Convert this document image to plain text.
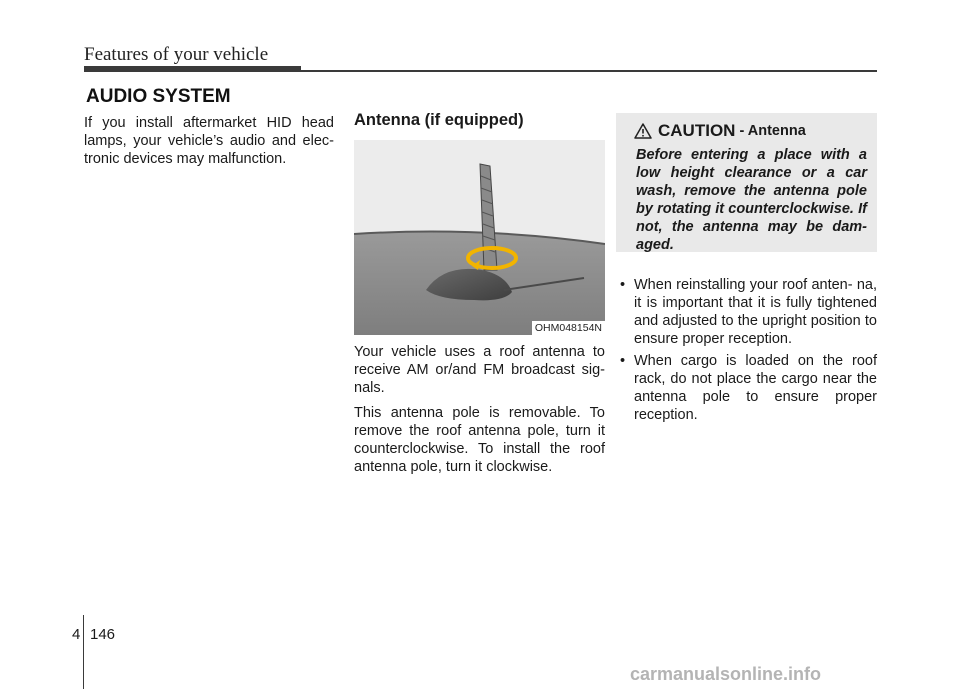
Features of your vehicle
AUDIO SYSTEM
If you install aftermarket HID head lamps, your vehicle’s audio and elec- tronic devices may malfunction.
Antenna (if equipped)
OHM048154N

Your vehicle uses a roof antenna to receive AM or/and FM broadcast sig- nals.

This antenna pole is removable. To remove the roof antenna pole, turn it counterclockwise. To install the roof antenna pole, turn it clockwise.

CAUTION - Antenna
Before entering a place with a low height clearance or a car wash, remove the antenna pole by rotating it counterclockwise. If not, the antenna may be dam- aged.
• When reinstalling your roof anten- na, it is important that it is fully tightened and adjusted to the upright position to ensure proper reception.
• When cargo is loaded on the roof rack, do not place the cargo near the antenna pole to ensure proper reception.
4 146
carmanualsonline.info
